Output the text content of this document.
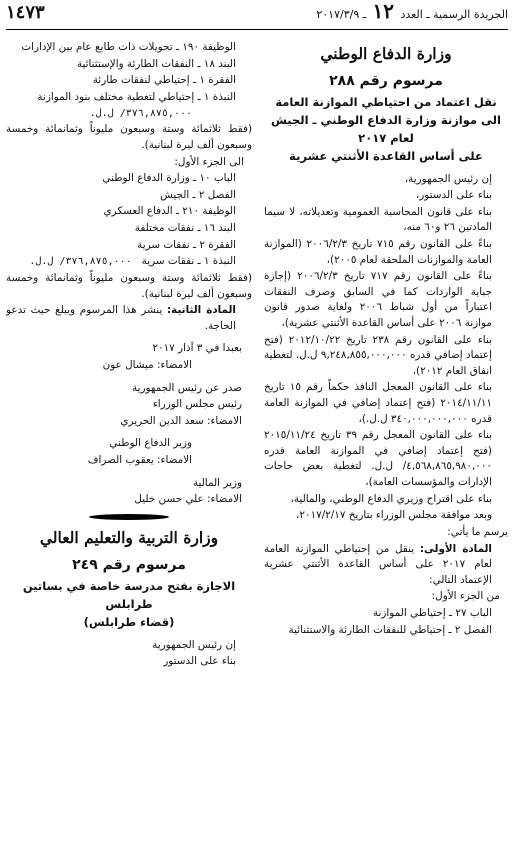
الجريدة الرسمية ـ العدد ١٢ ـ ٢٠١٧/٣/٩
١٤٧٣
وزارة الدفاع الوطني
مرسوم رقم ٢٨٨
نقل اعتماد من احتياطي الموازنة العامة
الى موازنة وزارة الدفاع الوطني ـ الجيش
لعام ٢٠١٧
على أساس القاعدة الأثنتي عشرية

إن رئيس الجمهورية،

بناء على الدستور،

بناء على قانون المحاسبة العمومية وتعديلاته، لا سيما المادتين ٢٦ و٦٠ منه،

بناءً على القانون رقم ٧١٥ تاريخ ٢٠٠٦/٢/٣ (الموازنة العامة والموازنات الملحقة لعام ٢٠٠٥)،

بناءً على القانون رقم ٧١٧ تاريخ ٢٠٠٦/٢/٣ (إجازة جباية الواردات كما في السابق وصرف النفقات اعتباراً من أول شباط ٢٠٠٦ ولغاية صدور قانون موازنة ٢٠٠٦ على أساس القاعدة الأثنتي عشرية)،

بناء على القانون رقم ٢٣٨ تاريخ ٢٠١٢/١٠/٢٢ (فتح إعتماد إضافي قدره ٩,٢٤٨,٨٥٥,٠٠٠,٠٠٠ ل.ل. لتغطية انفاق العام ٢٠١٢)،

بناء على القانون المعجل النافذ حكماً رقم ١٥ تاريخ ٢٠١٤/١١/١١ (فتح إعتماد إضافي في الموازنة العامة قدره ٣٤٠,٠٠٠,٠٠٠,٠٠٠ ل.ل.)،

بناء على القانون المعجل رقم ٣٩ تاريخ ٢٠١٥/١١/٢٤ (فتح إعتماد إضافي في الموازنة العامة قدره ٤,٥٦٨,٨٦٥,٩٨٠,٠٠٠/ ل.ل. لتغطية بعض حاجات الإدارات والمؤسسات العامة)،

بناء على اقتراح وزيري الدفاع الوطني، والمالية،

وبعد موافقة مجلس الوزراء بتاريخ ٢٠١٧/٢/١٧،

يرسم ما يأتي:

المادة الأولى: ينقل من إحتياطي الموازنة العامة لعام ٢٠١٧ على أساس القاعدة الأثنتي عشرية الإعتماد التالي:

من الجزء الأول:

الباب ٢٧ ـ إحتياطي الموازنة

الفصل ٢ ـ إحتياطي للنفقات الطارئة والاستثنائية

الوظيفة ١٩٠ ـ تحويلات ذات طابع عام بين الإدارات

البند ١٨ ـ النفقات الطارئة والإستثنائية

الفقرة ١ ـ إحتياطي لنفقات طارئة

النبذة ١ ـ إحتياطي لتغطية مختلف بنود الموازنة

٣٧٦,٨٧٥,٠٠٠/ ل.ل.

(فقط ثلاثمائة وستة وسبعون مليوناً وثمانمائة وخمسة وسبعون ألف ليرة لبنانية).

الى الجزء الأول:

الباب ١٠ ـ وزارة الدفاع الوطني

الفصل ٢ ـ الجيش

الوظيفة ٢١٠ ـ الدفاع العسكري

البند ١٦ ـ نفقات مختلفة

الفقرة ٢ ـ نفقات سرية

النبذة ١ ـ نفقات سرية   ٣٧٦,٨٧٥,٠٠٠/ ل.ل.

(فقط ثلاثمائة وستة وسبعون مليوناً وثمانمائة وخمسة وسبعون ألف ليرة لبنانية).

المادة الثانية: ينشر هذا المرسوم ويبلغ حيث تدعو الحاجة.

بعبدا في ٣ آذار ٢٠١٧

الامضاء: ميشال عون

صدر عن رئيس الجمهورية

رئيس مجلس الوزراء

الامضاء: سعد الدين الحريري

وزير الدفاع الوطني

الامضاء: يعقوب الصراف

وزير المالية

الامضاء: علي حسن خليل

وزارة التربية والتعليم العالي
مرسوم رقم ٢٤٩
الاجازة بفتح مدرسة خاصة في بساتين طرابلس
(قضاء طرابلس)

إن رئيس الجمهورية

بناء على الدستور
